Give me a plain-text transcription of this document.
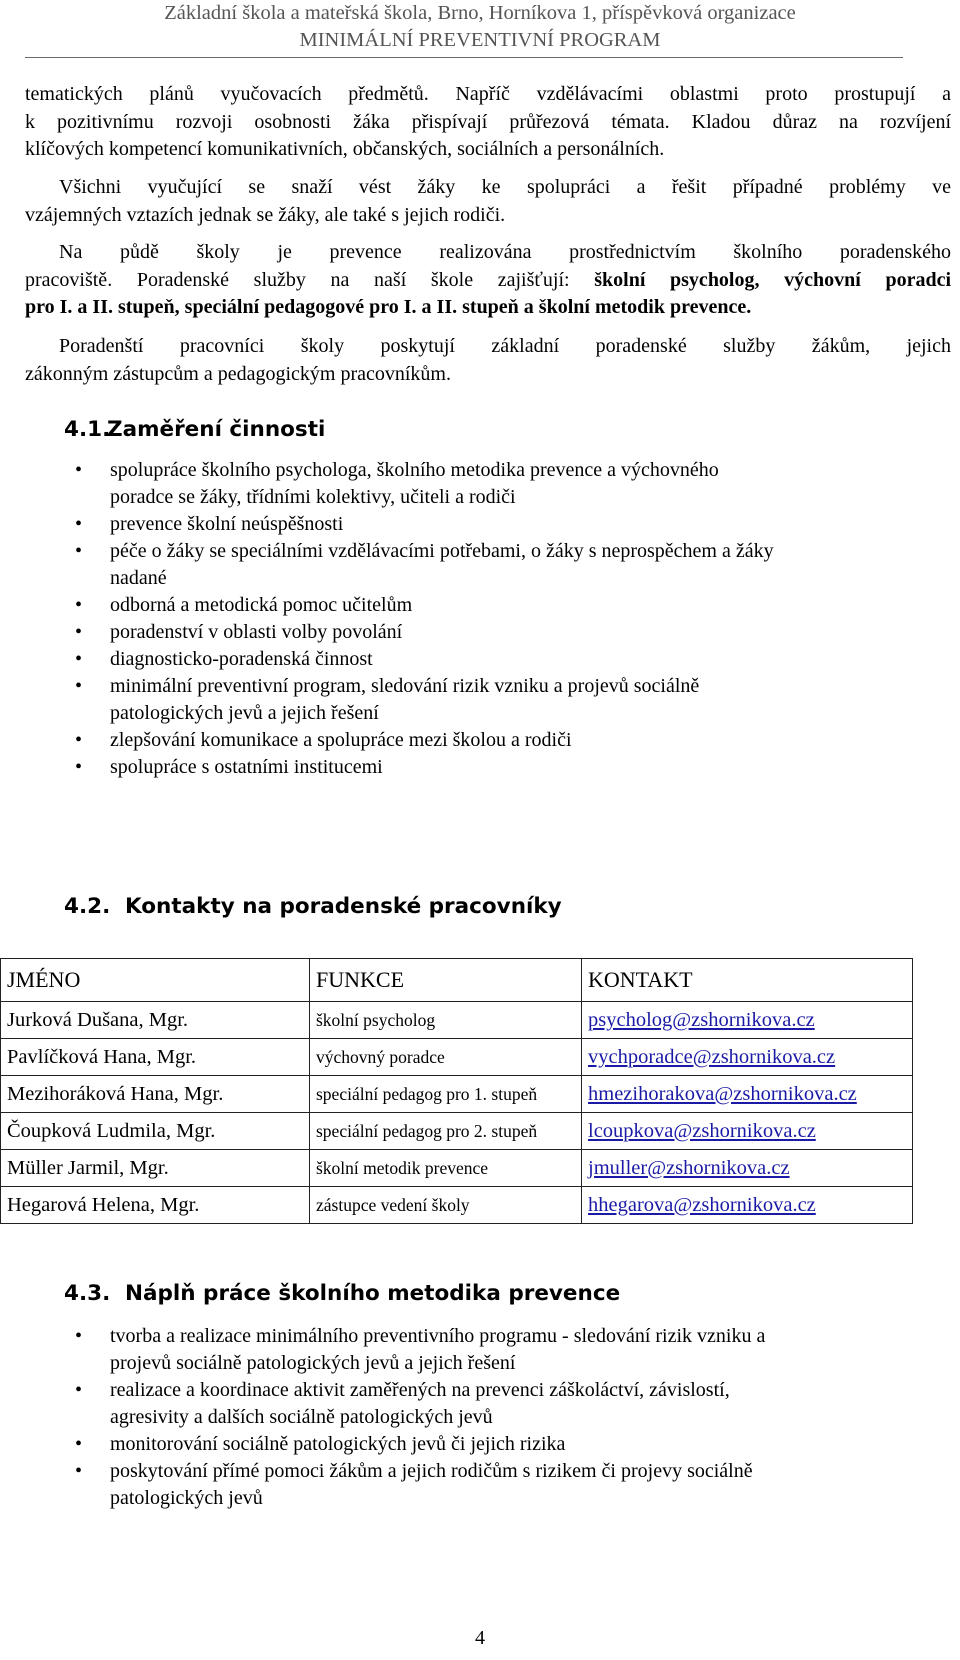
Základní škola a mateřská škola, Brno, Horníkova 1, příspěvková organizace
MINIMÁLNÍ PREVENTIVNÍ PROGRAM
tematických plánů vyučovacích předmětů. Napříč vzdělávacími oblastmi proto prostupují a
k pozitivnímu rozvoji osobnosti žáka přispívají průřezová témata. Kladou důraz na rozvíjení
klíčových kompetencí komunikativních, občanských, sociálních a personálních.
Všichni vyučující se snaží vést žáky ke spolupráci a řešit případné problémy ve
vzájemných vztazích jednak se žáky, ale také s jejich rodiči.
Na půdě školy je prevence realizována prostřednictvím školního poradenského
pracoviště. Poradenské služby na naší škole zajišťují: školní psycholog, výchovní poradci
pro I. a II. stupeň, speciální pedagogové pro I. a II. stupeň a školní metodik prevence.
Poradenští pracovníci školy poskytují základní poradenské služby žákům, jejich
zákonným zástupcům a pedagogickým pracovníkům.
4.1.
Zaměření činnosti
• spolupráce školního psychologa, školního metodika prevence a výchovného
poradce se žáky, třídními kolektivy, učiteli a rodiči
• prevence školní neúspěšnosti
• péče o žáky se speciálními vzdělávacími potřebami, o žáky s neprospěchem a žáky
nadané
• odborná a metodická pomoc učitelům
• poradenství v oblasti volby povolání
• diagnosticko-poradenská činnost
• minimální preventivní program, sledování rizik vzniku a projevů sociálně
patologických jevů a jejich řešení
• zlepšování komunikace a spolupráce mezi školou a rodiči
• spolupráce s ostatními institucemi
4.2. Kontakty na poradenské pracovníky
JMÉNO	FUNKCE	KONTAKT
Jurková Dušana, Mgr.	školní psycholog	psycholog@zshornikova.cz
Pavlíčková Hana, Mgr.	výchovný poradce	vychporadce@zshornikova.cz
Mezihoráková Hana, Mgr.	speciální pedagog pro 1. stupeň	hmezihorakova@zshornikova.cz
Čoupková Ludmila, Mgr.	speciální pedagog pro 2. stupeň	lcoupkova@zshornikova.cz
Müller Jarmil, Mgr.	školní metodik prevence	jmuller@zshornikova.cz
Hegarová Helena, Mgr.	zástupce vedení školy	hhegarova@zshornikova.cz
4.3. Náplň práce školního metodika prevence
• tvorba a realizace minimálního preventivního programu - sledování rizik vzniku a
projevů sociálně patologických jevů a jejich řešení
• realizace a koordinace aktivit zaměřených na prevenci záškoláctví, závislostí,
agresivity a dalších sociálně patologických jevů
• monitorování sociálně patologických jevů či jejich rizika
• poskytování přímé pomoci žákům a jejich rodičům s rizikem či projevy sociálně
patologických jevů
4
